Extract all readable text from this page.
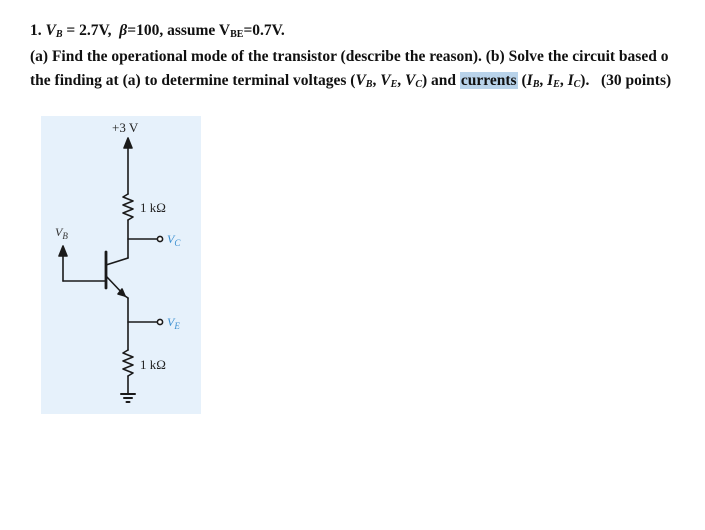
1. $V_B = 2.7V$, β=100, assume $V_{BE}=0.7V$.
(a) Find the operational mode of the transistor (describe the reason). (b) Solve the circuit based o
the finding at (a) to determine terminal voltages ($V_B$, $V_E$, $V_C$) and currents ($I_B$, $I_E$, $I_C$). (30 points)
+3 V
1 kΩ
1 kΩ
$V_B$	$V_C$
$V_E$
